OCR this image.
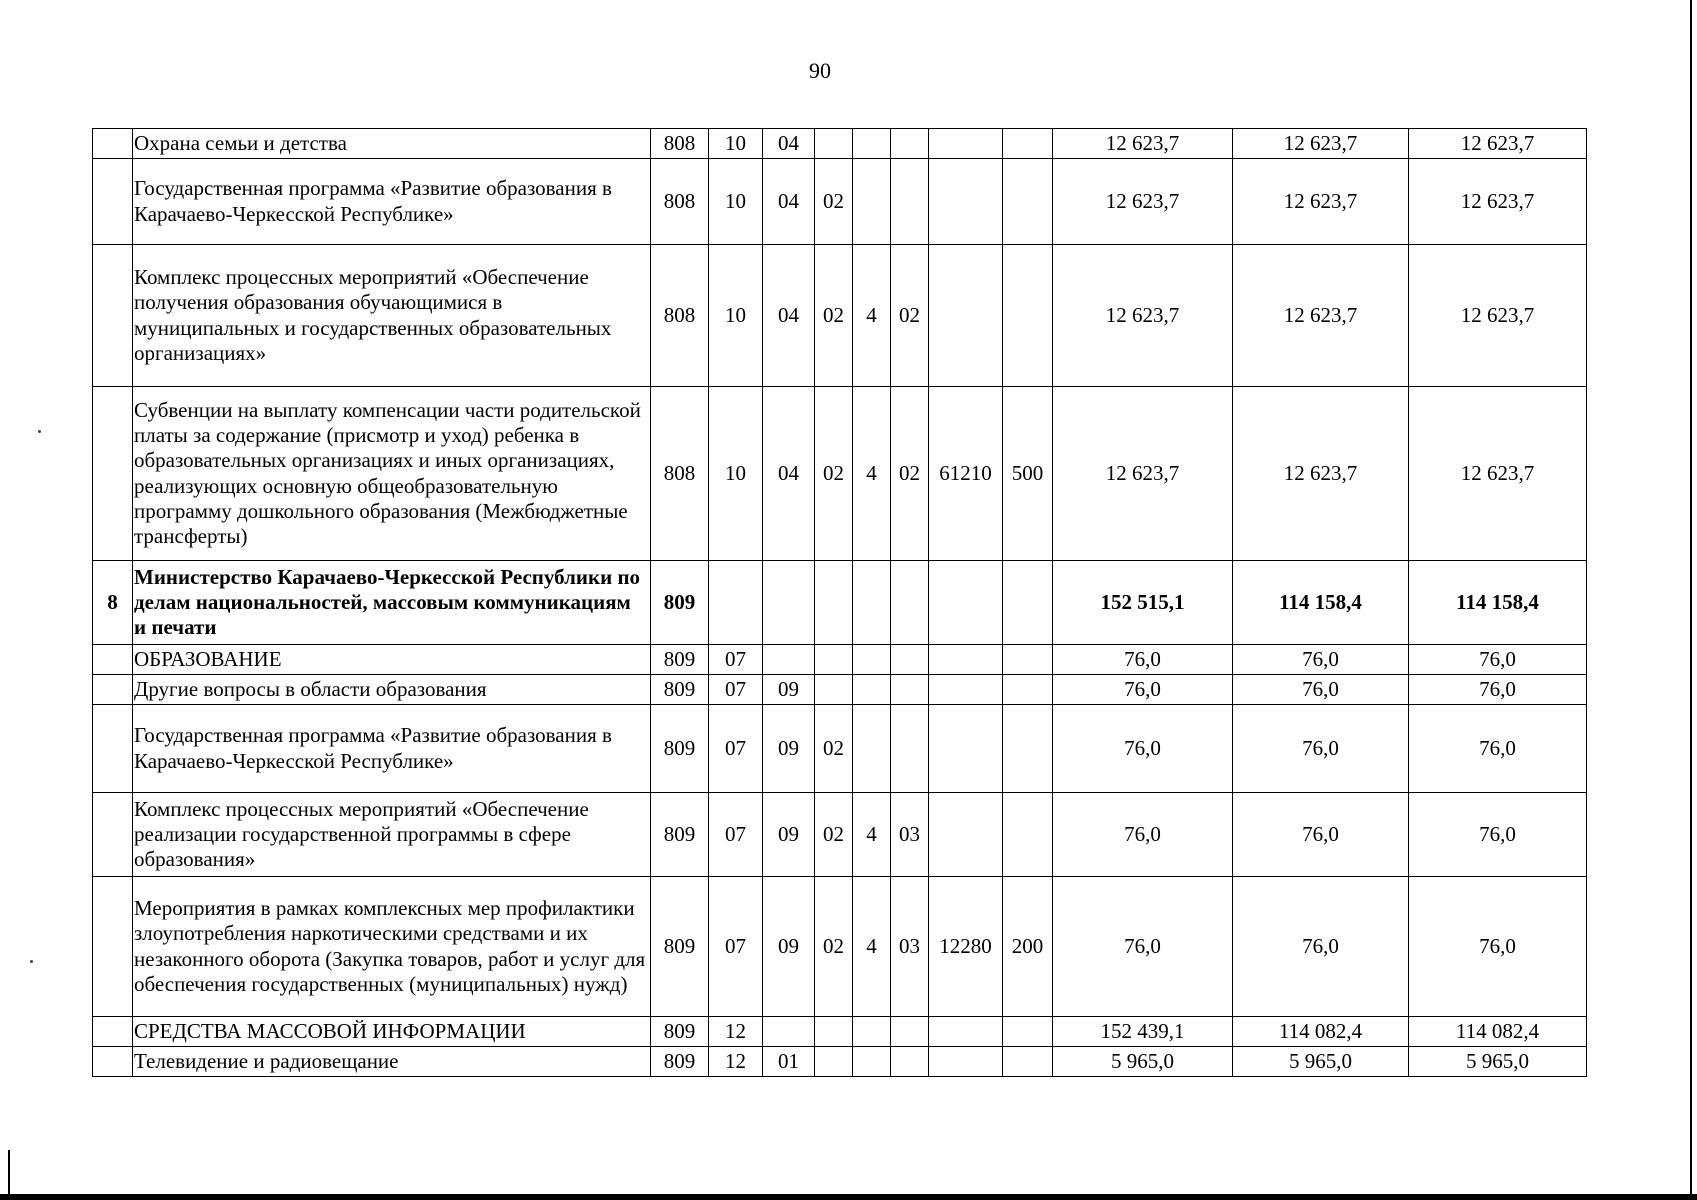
90
	Охрана семьи и детства	808	10	04						12 623,7	12 623,7	12 623,7
	Государственная программа «Развитие образования в Карачаево-Черкесской Республике»	808	10	04	02					12 623,7	12 623,7	12 623,7
	Комплекс процессных мероприятий «Обеспечение получения образования обучающимися в муниципальных и государственных образовательных организациях»	808	10	04	02	4	02			12 623,7	12 623,7	12 623,7
	Субвенции на выплату компенсации части родительской платы за содержание (присмотр и уход) ребенка в образовательных организациях и иных организациях, реализующих основную общеобразовательную программу дошкольного образования (Межбюджетные трансферты)	808	10	04	02	4	02	61210	500	12 623,7	12 623,7	12 623,7
8	Министерство Карачаево-Черкесской Республики по делам национальностей, массовым коммуникациям и печати	809								152 515,1	114 158,4	114 158,4
	ОБРАЗОВАНИЕ	809	07							76,0	76,0	76,0
	Другие вопросы в области образования	809	07	09						76,0	76,0	76,0
	Государственная программа «Развитие образования в Карачаево-Черкесской Республике»	809	07	09	02					76,0	76,0	76,0
	Комплекс процессных мероприятий «Обеспечение реализации государственной программы в сфере образования»	809	07	09	02	4	03			76,0	76,0	76,0
	Мероприятия в рамках комплексных мер профилактики злоупотребления наркотическими средствами и их незаконного оборота (Закупка товаров, работ и услуг для обеспечения государственных (муниципальных) нужд)	809	07	09	02	4	03	12280	200	76,0	76,0	76,0
	СРЕДСТВА МАССОВОЙ ИНФОРМАЦИИ	809	12							152 439,1	114 082,4	114 082,4
	Телевидение и радиовещание	809	12	01						5 965,0	5 965,0	5 965,0
